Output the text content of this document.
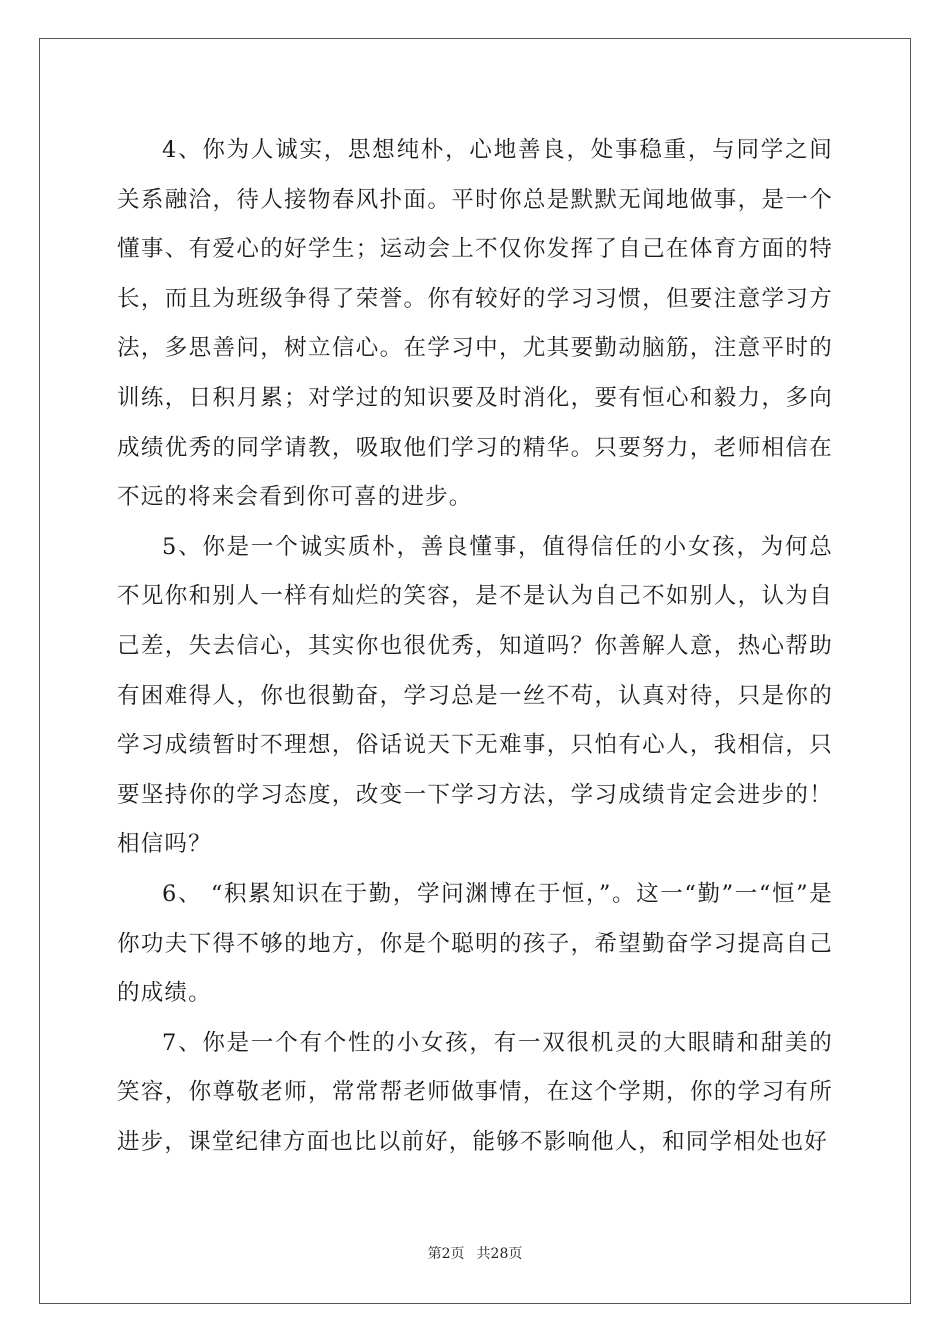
4、你为人诚实，思想纯朴，心地善良，处事稳重，与同学之间关系融洽，待人接物春风扑面。平时你总是默默无闻地做事，是一个懂事、有爱心的好学生；运动会上不仅你发挥了自己在体育方面的特长，而且为班级争得了荣誉。你有较好的学习习惯，但要注意学习方法，多思善问，树立信心。在学习中，尤其要勤动脑筋，注意平时的训练，日积月累；对学过的知识要及时消化，要有恒心和毅力，多向成绩优秀的同学请教，吸取他们学习的精华。只要努力，老师相信在不远的将来会看到你可喜的进步。

5、你是一个诚实质朴，善良懂事，值得信任的小女孩，为何总不见你和别人一样有灿烂的笑容，是不是认为自己不如别人，认为自己差，失去信心，其实你也很优秀，知道吗？你善解人意，热心帮助有困难得人，你也很勤奋，学习总是一丝不苟，认真对待，只是你的学习成绩暂时不理想，俗话说天下无难事，只怕有心人，我相信，只要坚持你的学习态度，改变一下学习方法，学习成绩肯定会进步的！相信吗？

6、 “积累知识在于勤，学问渊博在于恒，”。这一“勤”一“恒”是你功夫下得不够的地方，你是个聪明的孩子，希望勤奋学习提高自己的成绩。

7、你是一个有个性的小女孩，有一双很机灵的大眼睛和甜美的笑容，你尊敬老师，常常帮老师做事情，在这个学期，你的学习有所进步，课堂纪律方面也比以前好，能够不影响他人，和同学相处也好

第2页 共28页
